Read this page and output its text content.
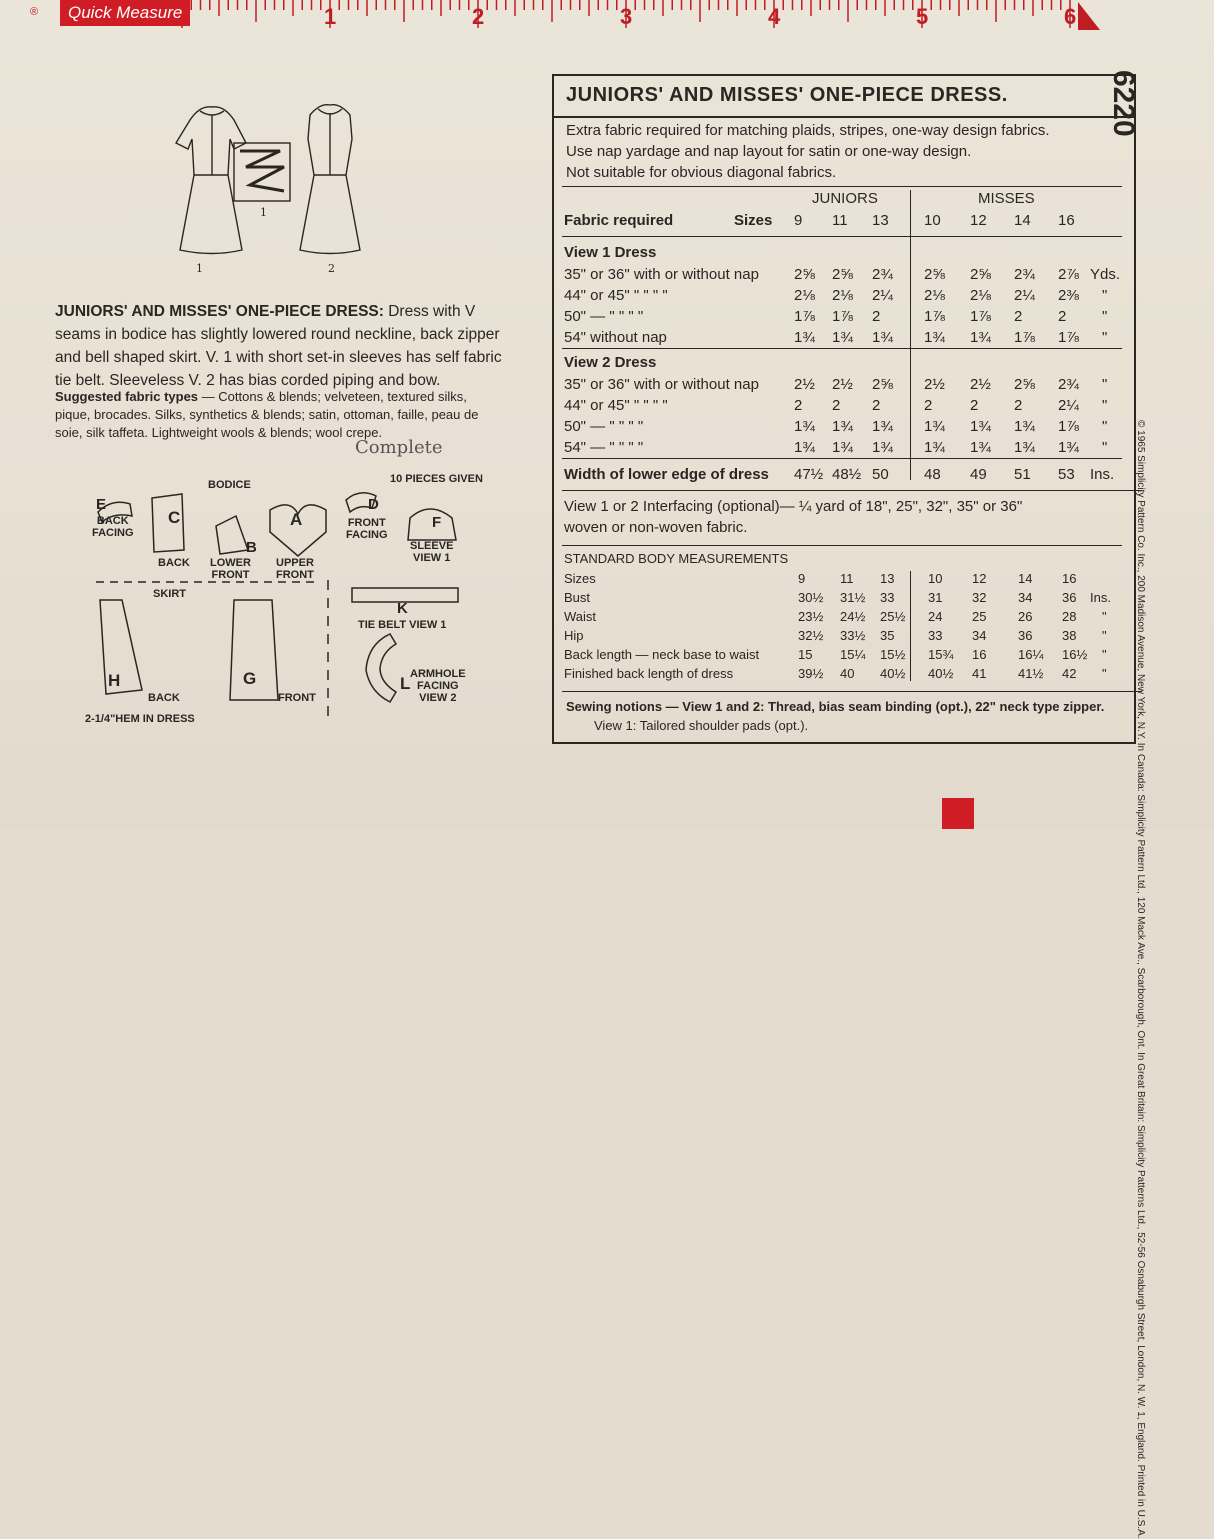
®	Quick Measure	1	2	3	4	5	6
1	2
1
JUNIORS' AND MISSES' ONE-PIECE DRESS: Dress with V seams in bodice has slightly lowered round neckline, back zipper and bell shaped skirt. V. 1 with short set-in sleeves has self fabric tie belt. Sleeveless V. 2 has bias corded piping and bow.
Suggested fabric types — Cottons & blends; velveteen, textured silks, pique, brocades. Silks, synthetics & blends; satin, ottoman, faille, peau de soie, silk taffeta. Lightweight wools & blends; wool crepe.
Complete
BODICE	10 PIECES GIVEN
E
BACK
FACING
C
BACK
B
LOWER
FRONT
A
UPPER
FRONT
D
FRONT
FACING
F
SLEEVE
VIEW 1
SKIRT
K
TIE BELT VIEW 1
H
BACK
G
FRONT
L ARMHOLE
FACING
VIEW 2
2-1/4"HEM IN DRESS
6220
© 1965 Simplicity Pattern Co. Inc., 200 Madison Avenue, New York, N.Y. In Canada: Simplicity Pattern Ltd., 120 Mack Ave., Scarborough, Ont. In Great Britain: Simplicity Patterns Ltd., 52-56 Osnaburgh Street, London, N. W. 1, England. Printed in U.S.A.
JUNIORS' AND MISSES' ONE-PIECE DRESS.
Extra fabric required for matching plaids, stripes, one-way design fabrics.
Use nap yardage and nap layout for satin or one-way design.
Not suitable for obvious diagonal fabrics.
JUNIORS	MISSES
Fabric required	Sizes 9 11 13 10 12 14 16
View 1 Dress
35" or 36" with or without nap 2⅝ 2⅝ 2¾ 2⅝ 2⅝ 2¾ 2⅞ Yds.
44" or 45" " " " "	2⅛ 2⅛ 2¼ 2⅛ 2⅛ 2¼ 2⅜ "
50" — " " " "	1⅞ 1⅞ 2	1⅞ 1⅞ 2 2 "
54" without nap	1¾ 1¾ 1¾ 1¾ 1¾ 1⅞ 1⅞ "
View 2 Dress
35" or 36" with or without nap 2½ 2½ 2⅝ 2½ 2½ 2⅝ 2¾ "
44" or 45" " " " "	2 2 2	2	2 2 2¼ "
50" — " " " "	1¾ 1¾ 1¾ 1¾ 1¾ 1¾ 1⅞ "
54" — " " " "	1¾ 1¾ 1¾ 1¾ 1¾ 1¾ 1¾ "
Width of lower edge of dress 47½ 48½ 50 48 49 51 53 Ins.
View 1 or 2 Interfacing (optional)— ¼ yard of 18", 25", 32", 35" or 36"
woven or non-woven fabric.
STANDARD BODY MEASUREMENTS
Sizes	9	11 13	10 12 14 16
Bust	30½ 31½ 33	31 32 34 36 Ins.
Waist	23½ 24½ 25½ 24 25 26 28 "
Hip	32½ 33½ 35	33 34 36 38 "
Back length — neck base to waist	15 15¼ 15½ 15¾ 16 16¼ 16½ "
Finished back length of dress	39½ 40 40½ 40½ 41 41½ 42 "
Sewing notions — View 1 and 2: Thread, bias seam binding (opt.), 22" neck type zipper.
View 1: Tailored shoulder pads (opt.).
